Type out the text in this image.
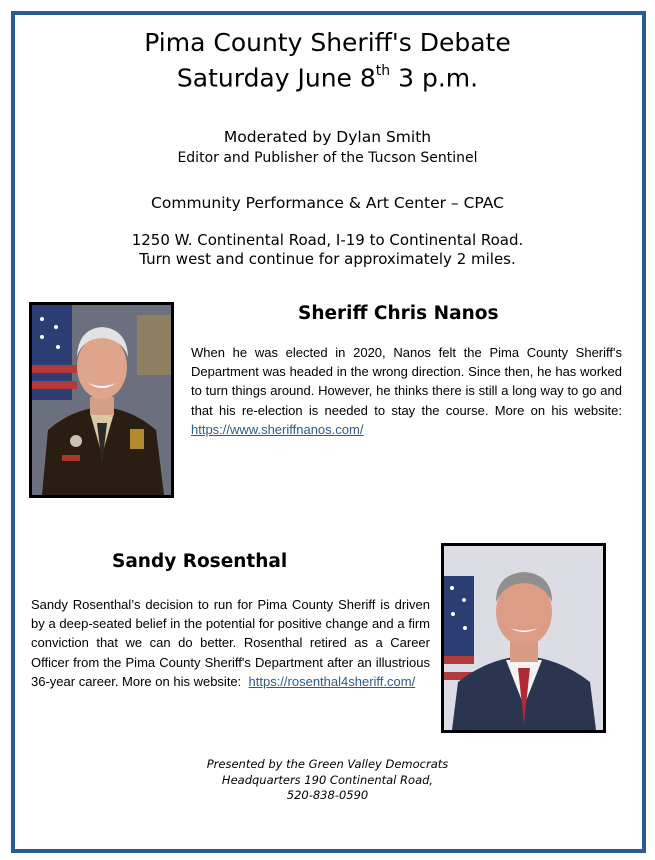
Pima County Sheriff's Debate
Saturday June 8th 3 p.m.
Moderated by Dylan Smith
Editor and Publisher of the Tucson Sentinel
Community Performance & Art Center – CPAC
1250 W. Continental Road, I-19 to Continental Road.
Turn west and continue for approximately 2 miles.
Sheriff Chris Nanos
When he was elected in 2020, Nanos felt the Pima County Sheriff's Department was headed in the wrong direction. Since then, he has worked to turn things around. However, he thinks there is still a long way to go and that his re-election is needed to stay the course. More on his website: https://www.sheriffnanos.com/
Sandy Rosenthal
Sandy Rosenthal’s decision to run for Pima County Sheriff is driven by a deep-seated belief in the potential for positive change and a firm conviction that we can do better. Rosenthal retired as a Career Officer from the Pima County Sheriff's Department after an illustrious 36-year career. More on his website: https://rosenthal4sheriff.com/
Presented by the Green Valley Democrats
Headquarters 190 Continental Road,
520-838-0590
